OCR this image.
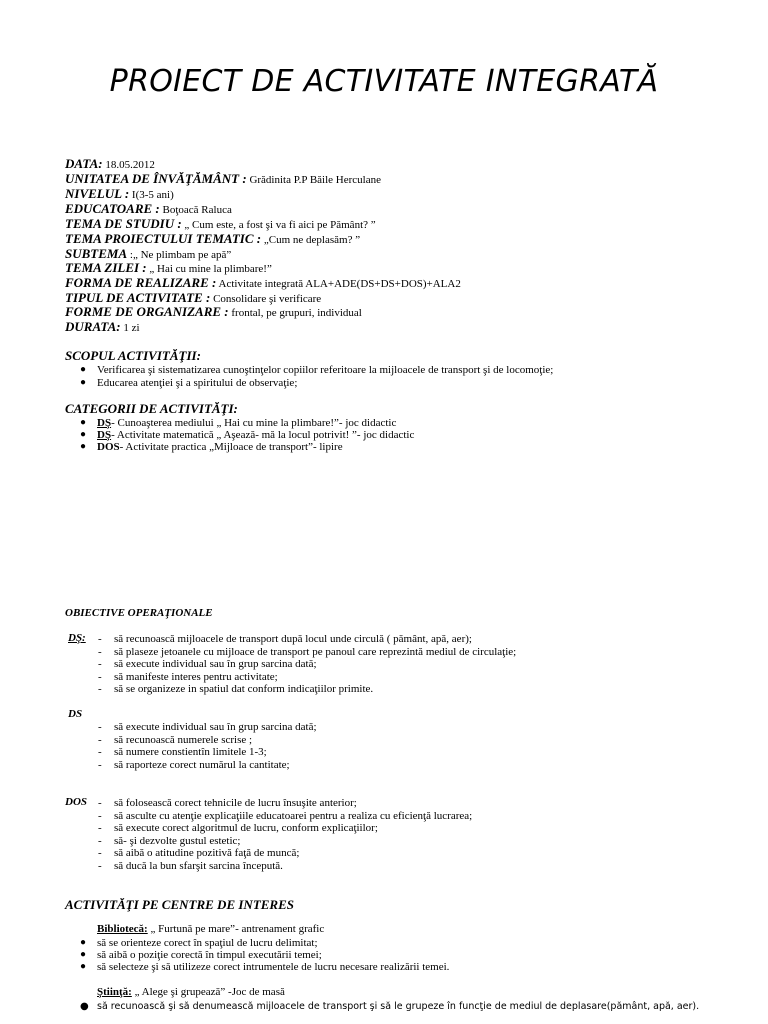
PROIECT DE ACTIVITATE INTEGRATĂ
DATA: 18.05.2012
UNITATEA DE ÎNVĂŢĂMÂNT : Grădinita P.P Băile Herculane
NIVELUL : I(3-5 ani)
EDUCATOARE : Boţoacă Raluca
TEMA DE STUDIU : „ Cum este, a fost şi va fi aici pe Pământ? ”
TEMA PROIECTULUI TEMATIC : „Cum ne deplasăm? ”
SUBTEMA :„ Ne plimbam pe apă”
TEMA ZILEI : „ Hai cu mine la plimbare!”
FORMA DE REALIZARE : Activitate integrată ALA+ADE(DS+DS+DOS)+ALA2
TIPUL DE ACTIVITATE : Consolidare şi verificare
FORME DE ORGANIZARE : frontal, pe grupuri, individual
DURATA: 1 zi
SCOPUL ACTIVITĂŢII:
● Verificarea şi sistematizarea cunoştinţelor copiilor referitoare la mijloacele de transport şi de locomoţie;
● Educarea atenţiei şi a spiritului de observaţie;
CATEGORII DE ACTIVITĂŢI:
● DŞ- Cunoaşterea mediului „ Hai cu mine la plimbare!”- joc didactic
● DŞ- Activitate matematică „ Aşează- mă la locul potrivit! ”- joc didactic
● DOS- Activitate practica „Mijloace de transport”- lipire
OBIECTIVE OPERAŢIONALE
DŞ: - să recunoască mijloacele de transport după locul unde circulă ( pământ, apă, aer);
- să plaseze jetoanele cu mijloace de transport pe panoul care reprezintă mediul de circulaţie;
- să execute individual sau în grup sarcina dată;
- să manifeste interes pentru activitate;
- să se organizeze in spatiul dat conform indicaţiilor primite.
DS
- să execute individual sau în grup sarcina dată;
- să recunoască numerele scrise ;
- să numere constientîn limitele 1-3;
- să raporteze corect numărul la cantitate;
DOS - să folosească corect tehnicile de lucru însuşite anterior;
- să asculte cu atenţie explicaţiile educatoarei pentru a realiza cu eficienţă lucrarea;
- să execute corect algoritmul de lucru, conform explicaţiilor;
- să- şi dezvolte gustul estetic;
- să aibă o atitudine pozitivă faţă de muncă;
- să ducă la bun sfarşit sarcina începută.
ACTIVITĂŢI PE CENTRE DE INTERES
Bibliotecă: „ Furtună pe mare”- antrenament grafic
● să se orienteze corect în spaţiul de lucru delimitat;
● să aibă o poziţie corectă în timpul executării temei;
● să selecteze şi să utilizeze corect intrumentele de lucru necesare realizării temei.
Ştiinţă: „ Alege şi grupează” -Joc de masă
● să recunoască şi să denumească mijloacele de transport şi să le grupeze în funcţie de mediul de deplasare(pământ, apă, aer).
